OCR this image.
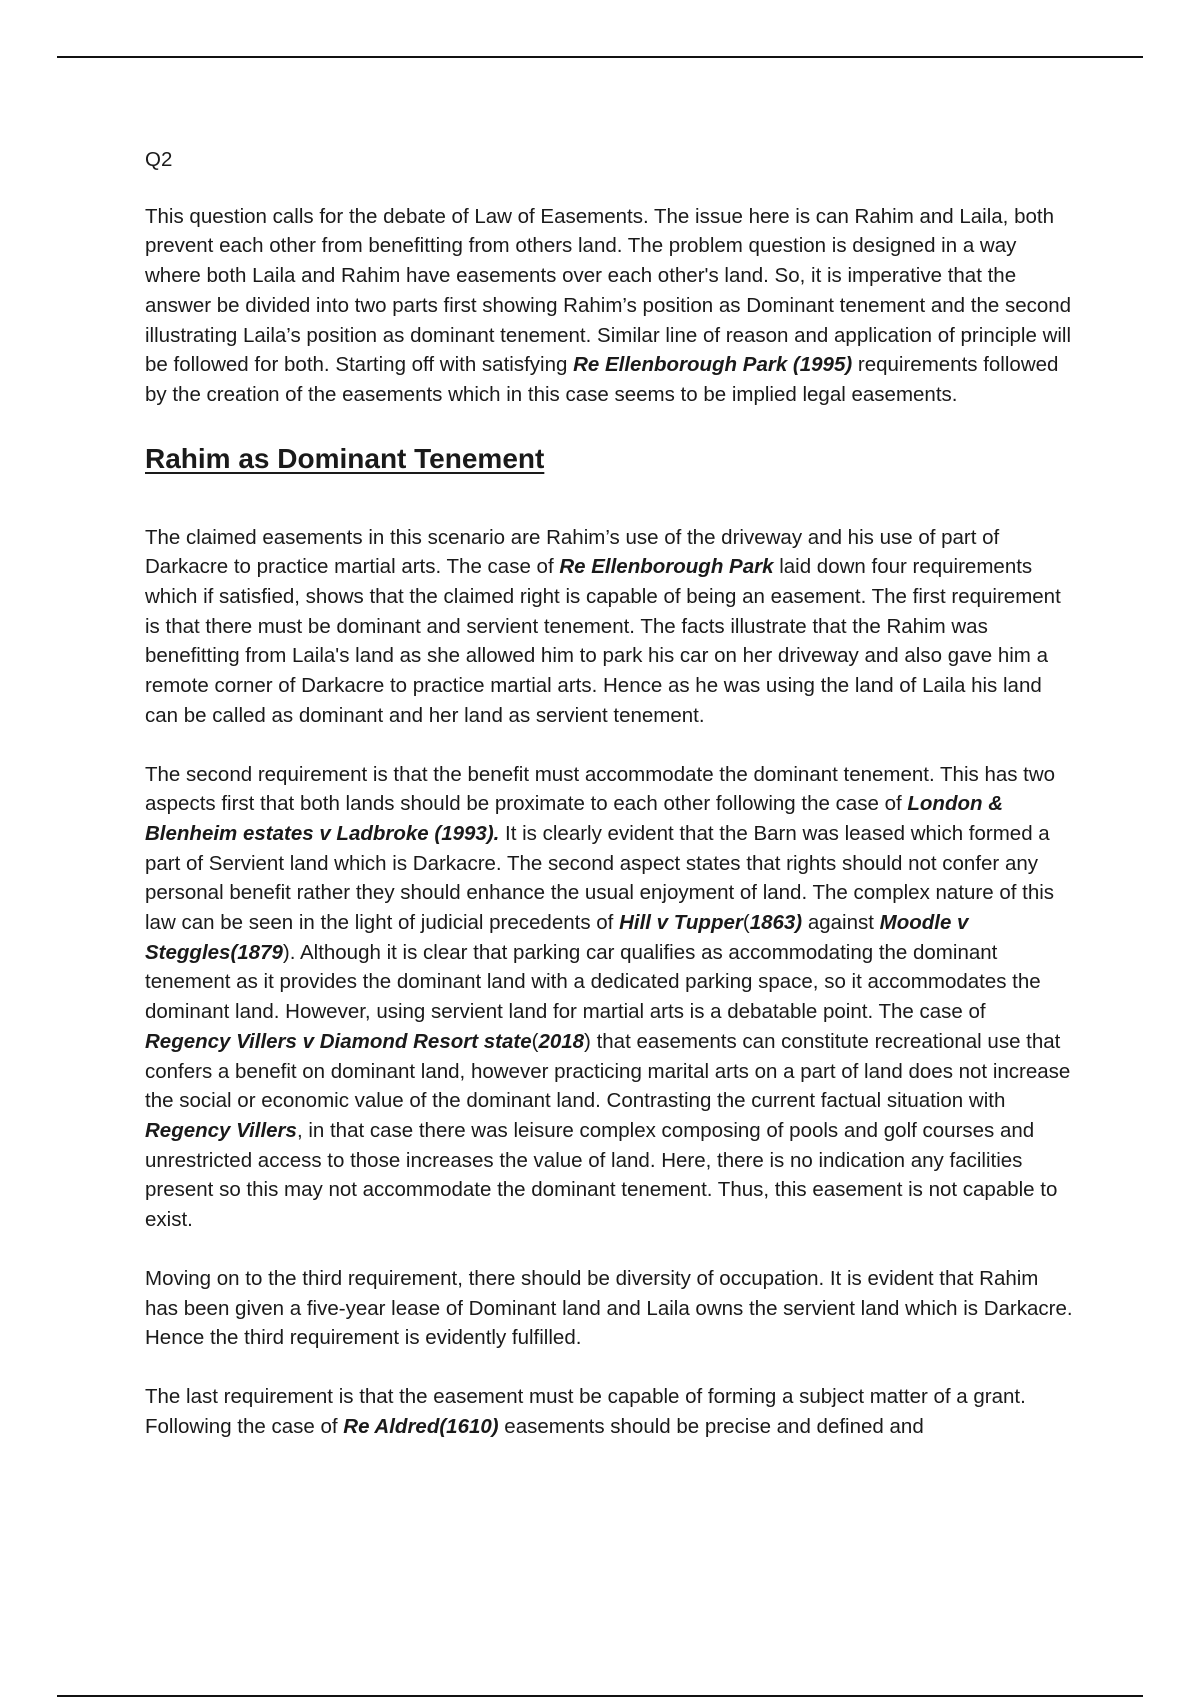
Q2

This question calls for the debate of Law of Easements. The issue here is can Rahim and Laila, both prevent each other from benefitting from others land. The problem question is designed in a way where both Laila and Rahim have easements over each other's land. So, it is imperative that the answer be divided into two parts first showing Rahim’s position as Dominant tenement and the second illustrating Laila’s position as dominant tenement. Similar line of reason and application of principle will be followed for both. Starting off with satisfying Re Ellenborough Park (1995) requirements followed by the creation of the easements which in this case seems to be implied legal easements.

Rahim as Dominant Tenement

The claimed easements in this scenario are Rahim’s use of the driveway and his use of part of Darkacre to practice martial arts. The case of Re Ellenborough Park laid down four requirements which if satisfied, shows that the claimed right is capable of being an easement. The first requirement is that there must be dominant and servient tenement. The facts illustrate that the Rahim was benefitting from Laila's land as she allowed him to park his car on her driveway and also gave him a remote corner of Darkacre to practice martial arts. Hence as he was using the land of Laila his land can be called as dominant and her land as servient tenement.

The second requirement is that the benefit must accommodate the dominant tenement. This has two aspects first that both lands should be proximate to each other following the case of London & Blenheim estates v Ladbroke (1993). It is clearly evident that the Barn was leased which formed a part of Servient land which is Darkacre. The second aspect states that rights should not confer any personal benefit rather they should enhance the usual enjoyment of land. The complex nature of this law can be seen in the light of judicial precedents of Hill v Tupper(1863) against Moodle v Steggles(1879). Although it is clear that parking car qualifies as accommodating the dominant tenement as it provides the dominant land with a dedicated parking space, so it accommodates the dominant land. However, using servient land for martial arts is a debatable point. The case of Regency Villers v Diamond Resort state(2018) that easements can constitute recreational use that confers a benefit on dominant land, however practicing marital arts on a part of land does not increase the social or economic value of the dominant land. Contrasting the current factual situation with Regency Villers, in that case there was leisure complex composing of pools and golf courses and unrestricted access to those increases the value of land. Here, there is no indication any facilities present so this may not accommodate the dominant tenement. Thus, this easement is not capable to exist.

Moving on to the third requirement, there should be diversity of occupation. It is evident that Rahim has been given a five-year lease of Dominant land and Laila owns the servient land which is Darkacre. Hence the third requirement is evidently fulfilled.

The last requirement is that the easement must be capable of forming a subject matter of a grant. Following the case of Re Aldred(1610) easements should be precise and defined and
